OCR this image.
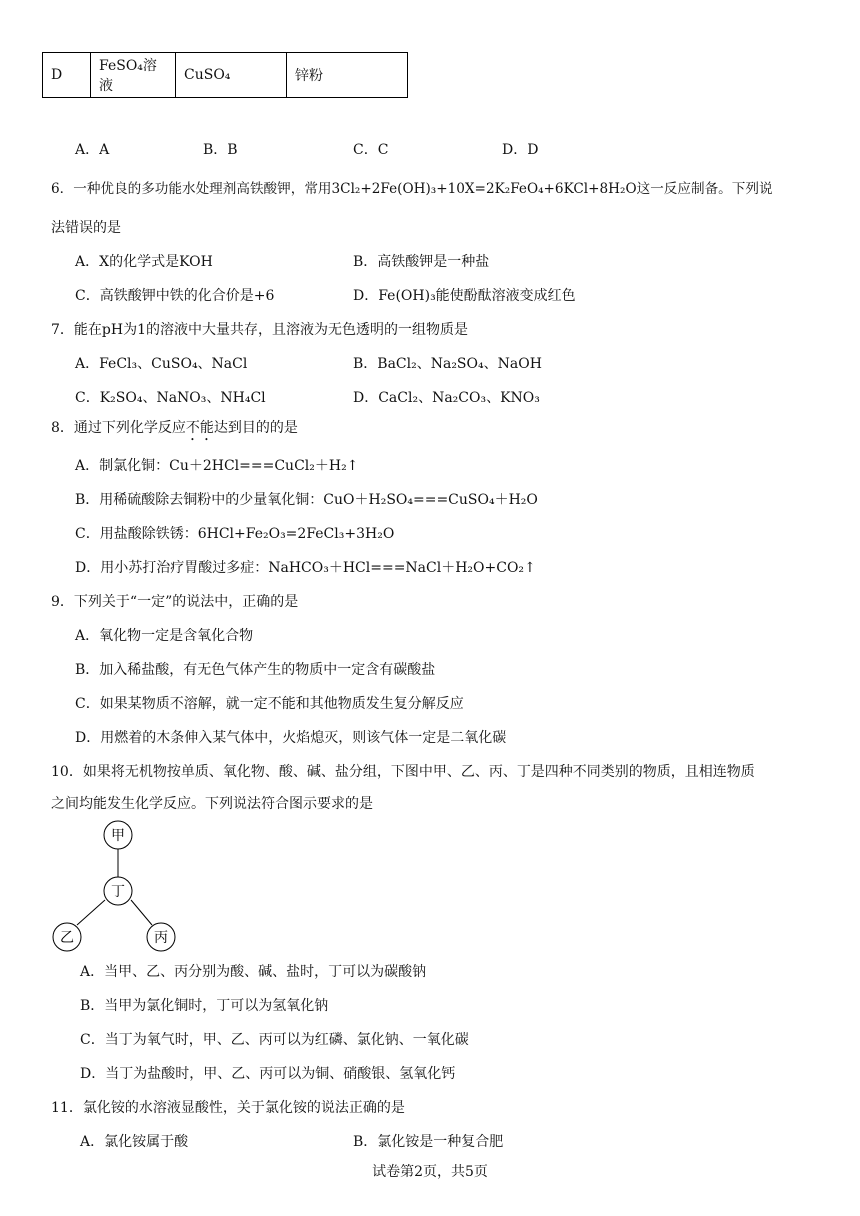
D	FeSO₄溶液	CuSO₄	锌粉
A．A	B．B	C．C	D．D
6．一种优良的多功能水处理剂高铁酸钾，常用3Cl₂+2Fe(OH)₃+10X=2K₂FeO₄+6KCl+8H₂O这一反应制备。下列说
法错误的是
A．X的化学式是KOH	B．高铁酸钾是一种盐
C．高铁酸钾中铁的化合价是+6	D．Fe(OH)₃能使酚酞溶液变成红色
7．能在pH为1的溶液中大量共存，且溶液为无色透明的一组物质是
A．FeCl₃、CuSO₄、NaCl	B．BaCl₂、Na₂SO₄、NaOH
C．K₂SO₄、NaNO₃、NH₄Cl	D．CaCl₂、Na₂CO₃、KNO₃
8．通过下列化学反应不能达到目的的是
A．制氯化铜：Cu＋2HCl===CuCl₂＋H₂↑
B．用稀硫酸除去铜粉中的少量氧化铜：CuO＋H₂SO₄===CuSO₄＋H₂O
C．用盐酸除铁锈：6HCl+Fe₂O₃=2FeCl₃+3H₂O
D．用小苏打治疗胃酸过多症：NaHCO₃＋HCl===NaCl＋H₂O+CO₂↑
9．下列关于“一定”的说法中，正确的是
A．氧化物一定是含氧化合物
B．加入稀盐酸，有无色气体产生的物质中一定含有碳酸盐
C．如果某物质不溶解，就一定不能和其他物质发生复分解反应
D．用燃着的木条伸入某气体中，火焰熄灭，则该气体一定是二氧化碳
10．如果将无机物按单质、氧化物、酸、碱、盐分组，下图中甲、乙、丙、丁是四种不同类别的物质，且相连物质
之间均能发生化学反应。下列说法符合图示要求的是
甲
丁
乙	丙
A．当甲、乙、丙分别为酸、碱、盐时，丁可以为碳酸钠
B．当甲为氯化铜时，丁可以为氢氧化钠
C．当丁为氧气时，甲、乙、丙可以为红磷、氯化钠、一氧化碳
D．当丁为盐酸时，甲、乙、丙可以为铜、硝酸银、氢氧化钙
11．氯化铵的水溶液显酸性，关于氯化铵的说法正确的是
A．氯化铵属于酸	B．氯化铵是一种复合肥
试卷第2页，共5页
